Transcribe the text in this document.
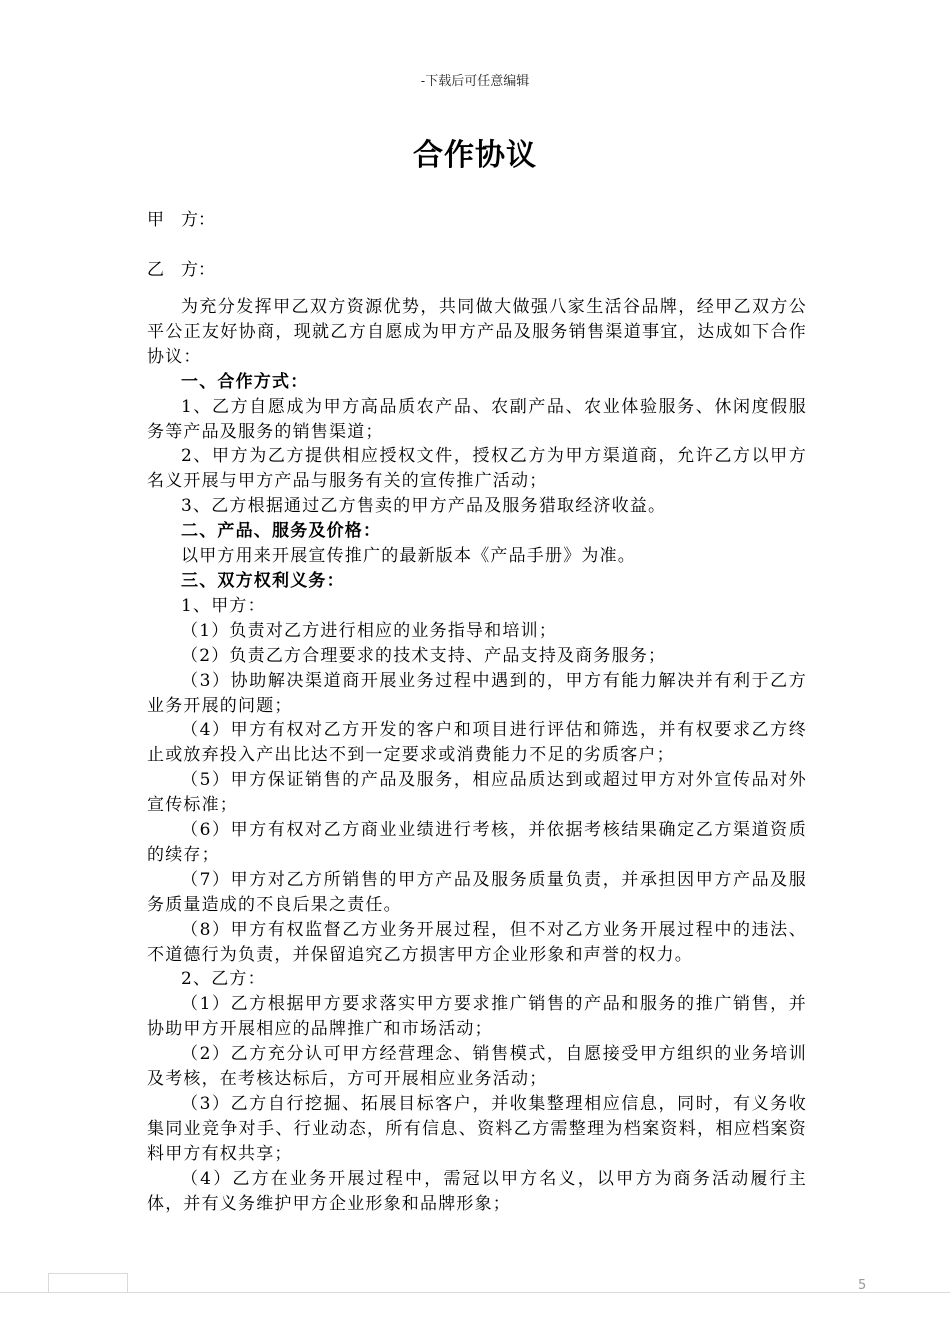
-下载后可任意编辑
合作协议
甲　方：
乙　方：

为充分发挥甲乙双方资源优势，共同做大做强八家生活谷品牌，经甲乙双方公平公正友好协商，现就乙方自愿成为甲方产品及服务销售渠道事宜，达成如下合作协议：

一、合作方式：

1、乙方自愿成为甲方高品质农产品、农副产品、农业体验服务、休闲度假服务等产品及服务的销售渠道；

2、甲方为乙方提供相应授权文件，授权乙方为甲方渠道商，允许乙方以甲方名义开展与甲方产品与服务有关的宣传推广活动；

3、乙方根据通过乙方售卖的甲方产品及服务猎取经济收益。

二、产品、服务及价格：

以甲方用来开展宣传推广的最新版本《产品手册》为准。

三、双方权利义务：

1、甲方：

（1）负责对乙方进行相应的业务指导和培训；

（2）负责乙方合理要求的技术支持、产品支持及商务服务；

（3）协助解决渠道商开展业务过程中遇到的，甲方有能力解决并有利于乙方业务开展的问题；

（4）甲方有权对乙方开发的客户和项目进行评估和筛选，并有权要求乙方终止或放弃投入产出比达不到一定要求或消费能力不足的劣质客户；

（5）甲方保证销售的产品及服务，相应品质达到或超过甲方对外宣传品对外宣传标准；

（6）甲方有权对乙方商业业绩进行考核，并依据考核结果确定乙方渠道资质的续存；

（7）甲方对乙方所销售的甲方产品及服务质量负责，并承担因甲方产品及服务质量造成的不良后果之责任。

（8）甲方有权监督乙方业务开展过程，但不对乙方业务开展过程中的违法、不道德行为负责，并保留追究乙方损害甲方企业形象和声誉的权力。

2、乙方：

（1）乙方根据甲方要求落实甲方要求推广销售的产品和服务的推广销售，并协助甲方开展相应的品牌推广和市场活动；

（2）乙方充分认可甲方经营理念、销售模式，自愿接受甲方组织的业务培训及考核，在考核达标后，方可开展相应业务活动；

（3）乙方自行挖掘、拓展目标客户，并收集整理相应信息，同时，有义务收集同业竞争对手、行业动态，所有信息、资料乙方需整理为档案资料，相应档案资料甲方有权共享；

（4）乙方在业务开展过程中，需冠以甲方名义，以甲方为商务活动履行主体，并有义务维护甲方企业形象和品牌形象；

5
